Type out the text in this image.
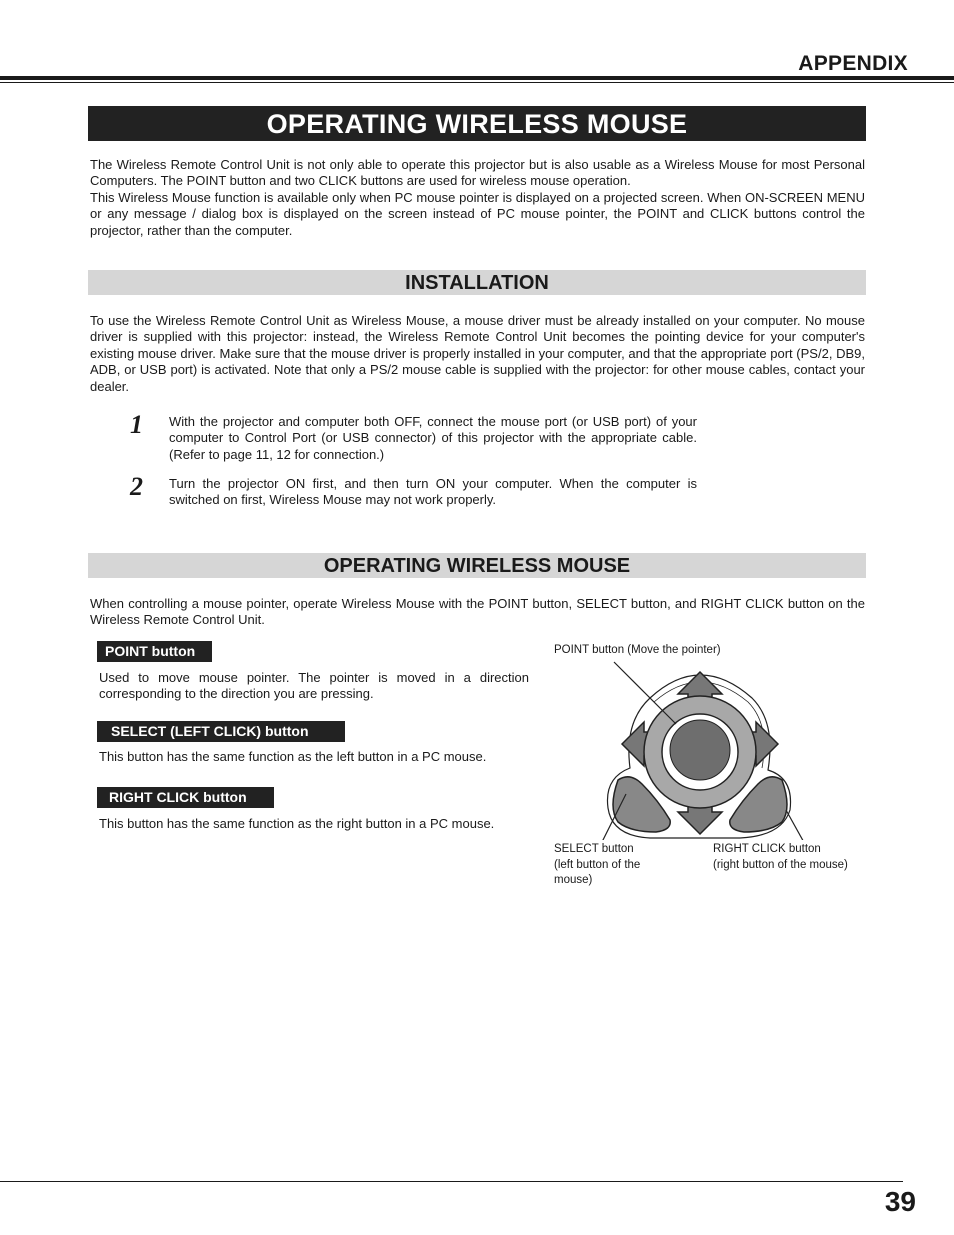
APPENDIX
OPERATING WIRELESS MOUSE

The Wireless Remote Control Unit is not only able to operate this projector but is also usable as a Wireless Mouse for most Personal Computers. The POINT button and two CLICK buttons are used for wireless mouse operation.

This Wireless Mouse function is available only when PC mouse pointer is displayed on a projected screen. When ON-SCREEN MENU or any message / dialog box is displayed on the screen instead of PC mouse pointer, the POINT and CLICK buttons control the projector, rather than the computer.

INSTALLATION
To use the Wireless Remote Control Unit as Wireless Mouse, a mouse driver must be already installed on your computer. No mouse driver is supplied with this projector: instead, the Wireless Remote Control Unit becomes the pointing device for your computer's existing mouse driver. Make sure that the mouse driver is properly installed in your computer, and that the appropriate port (PS/2, DB9, ADB, or USB port) is activated. Note that only a PS/2 mouse cable is supplied with the projector: for other mouse cables, contact your dealer.
1 With the projector and computer both OFF, connect the mouse port (or USB port) of your computer to Control Port (or USB connector) of this projector with the appropriate cable. (Refer to page 11, 12 for connection.)
2 Turn the projector ON first, and then turn ON your computer. When the computer is switched on first, Wireless Mouse may not work properly.
OPERATING WIRELESS MOUSE
When controlling a mouse pointer, operate Wireless Mouse with the POINT button, SELECT button, and RIGHT CLICK button on the Wireless Remote Control Unit.
POINT button
Used to move mouse pointer. The pointer is moved in a direction corresponding to the direction you are pressing.
SELECT (LEFT CLICK) button
This button has the same function as the left button in a PC mouse.
RIGHT CLICK button
This button has the same function as the right button in a PC mouse.
POINT button (Move the pointer)
SELECT button
(left button of the
mouse)
RIGHT CLICK button
(right button of the mouse)
39
